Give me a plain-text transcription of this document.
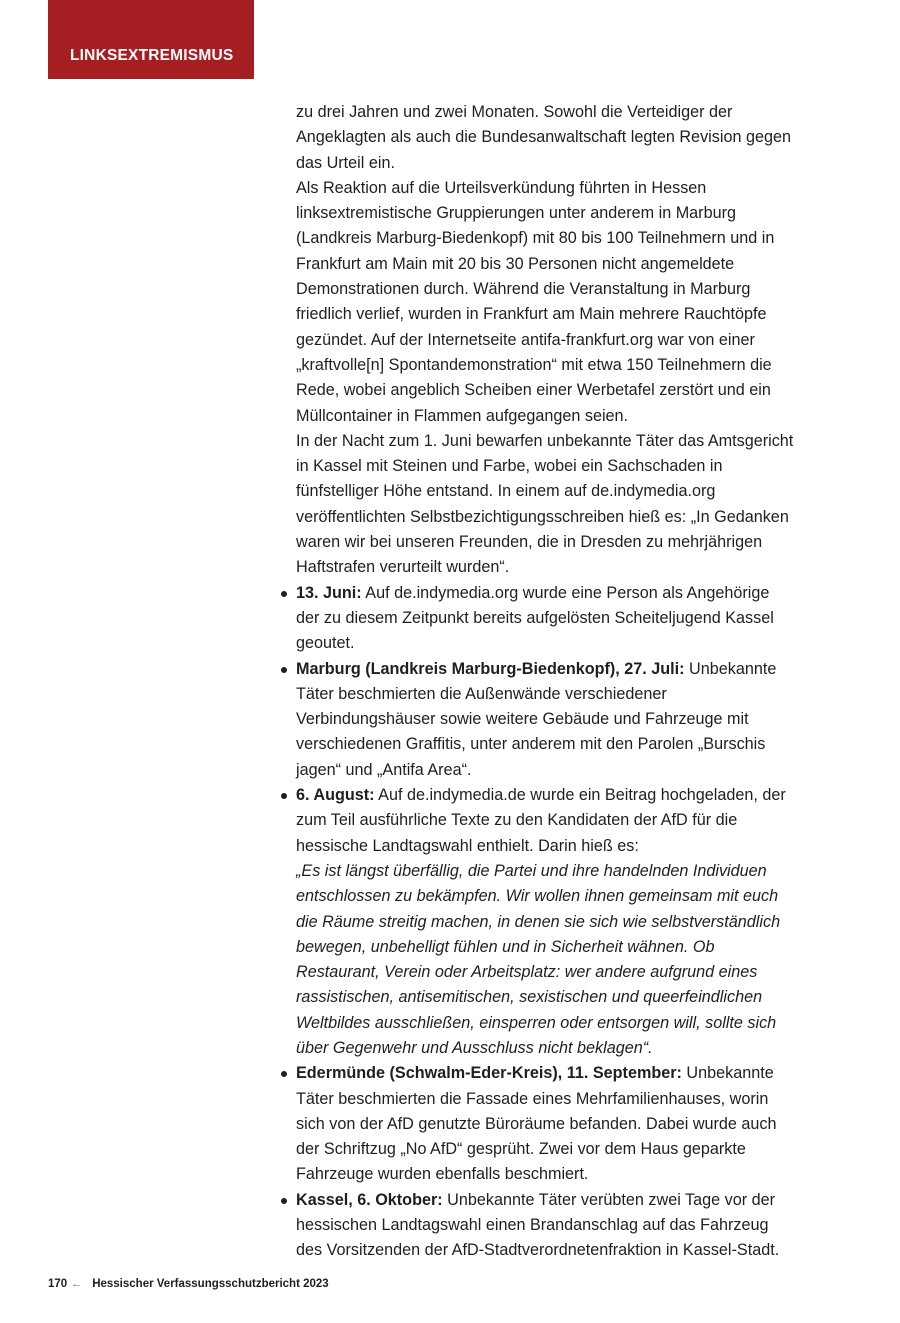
LINKSEXTREMISMUS

zu drei Jahren und zwei Monaten. Sowohl die Verteidiger der Angeklagten als auch die Bundesanwaltschaft legten Revision gegen das Urteil ein.

Als Reaktion auf die Urteilsverkündung führten in Hessen linksextremistische Gruppierungen unter anderem in Marburg (Landkreis Marburg-Biedenkopf) mit 80 bis 100 Teilnehmern und in Frankfurt am Main mit 20 bis 30 Personen nicht angemeldete Demonstrationen durch. Während die Veranstaltung in Marburg friedlich verlief, wurden in Frankfurt am Main mehrere Rauchtöpfe gezündet. Auf der Internetseite antifa-frankfurt.org war von einer „kraftvolle[n] Spontandemonstration“ mit etwa 150 Teilnehmern die Rede, wobei angeblich Scheiben einer Werbetafel zerstört und ein Müllcontainer in Flammen aufgegangen seien.

In der Nacht zum 1. Juni bewarfen unbekannte Täter das Amtsgericht in Kassel mit Steinen und Farbe, wobei ein Sachschaden in fünfstelliger Höhe entstand. In einem auf de.indymedia.org veröffentlichten Selbstbezichtigungsschreiben hieß es: „In Gedanken waren wir bei unseren Freunden, die in Dresden zu mehrjährigen Haftstrafen verurteilt wurden“.

13. Juni: Auf de.indymedia.org wurde eine Person als Angehörige der zu diesem Zeitpunkt bereits aufgelösten Scheiteljugend Kassel geoutet.
Marburg (Landkreis Marburg-Biedenkopf), 27. Juli: Unbekannte Täter beschmierten die Außenwände verschiedener Verbindungshäuser sowie weitere Gebäude und Fahrzeuge mit verschiedenen Graffitis, unter anderem mit den Parolen „Burschis jagen“ und „Antifa Area“.
6. August: Auf de.indymedia.de wurde ein Beitrag hochgeladen, der zum Teil ausführliche Texte zu den Kandidaten der AfD für die hessische Landtagswahl enthielt. Darin hieß es:

„Es ist längst überfällig, die Partei und ihre handelnden Individuen entschlossen zu bekämpfen. Wir wollen ihnen gemeinsam mit euch die Räume streitig machen, in denen sie sich wie selbstverständlich bewegen, unbehelligt fühlen und in Sicherheit wähnen. Ob Restaurant, Verein oder Arbeitsplatz: wer andere aufgrund eines rassistischen, antisemitischen, sexistischen und queerfeindlichen Weltbildes ausschließen, einsperren oder entsorgen will, sollte sich über Gegenwehr und Ausschluss nicht beklagen“.

Edermünde (Schwalm-Eder-Kreis), 11. September: Unbekannte Täter beschmierten die Fassade eines Mehrfamilienhauses, worin sich von der AfD genutzte Büroräume befanden. Dabei wurde auch der Schriftzug „No AfD“ gesprüht. Zwei vor dem Haus geparkte Fahrzeuge wurden ebenfalls beschmiert.
Kassel, 6. Oktober: Unbekannte Täter verübten zwei Tage vor der hessischen Landtagswahl einen Brandanschlag auf das Fahrzeug des Vorsitzenden der AfD-Stadtverordnetenfraktion in Kassel-Stadt.
170 ← Hessischer Verfassungsschutzbericht 2023
